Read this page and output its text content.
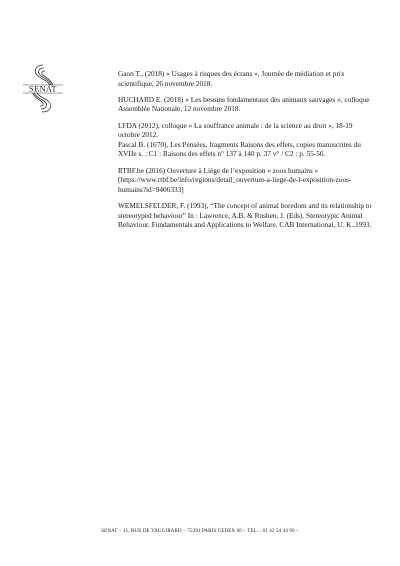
SENAT

Gaon T., (2018) « Usages à risques des écrans », Journée de médiation et prix scientifique, 26 novembre 2018.

HUCHARD E. (2018) « Les besoins fondamentaux des animaux sauvages », colloque Assemblée Nationale, 12 novembre 2018.

LFDA (2012), colloque « La souffrance animale : de la science au droit », 18-19 octobre 2012.

Pascal B. (1670), Les Pensées, fragments Raisons des effets, copies manuscrites du XVIIe s. : C1 : Raisons des effets n° 137 à 140 p. 37 v° / C2 : p. 55-56.

RTBF.be (2016) Ouverture à Liège de l’exposition « zoos humains » [https://www.rtbf.be/info/regions/detail_ouverture-a-liege-de-l-exposition-zoos-humains?id=9406333]

WEMELSFELDER, F. (1993), “The concept of animal boredom and its relationship to stereotyped behaviour” In : Lawrence, A.B. & Rushen, J. (Eds). Stereotypic Animal Behaviour. Fundamentals and Applications to Welfare. CAB International, U. K.,1993.

SENAT – 15, RUE DE VAUGIRARD – 75291 PARIS CEDEX 06 – TEL. : 01 42 34 44 90 –
